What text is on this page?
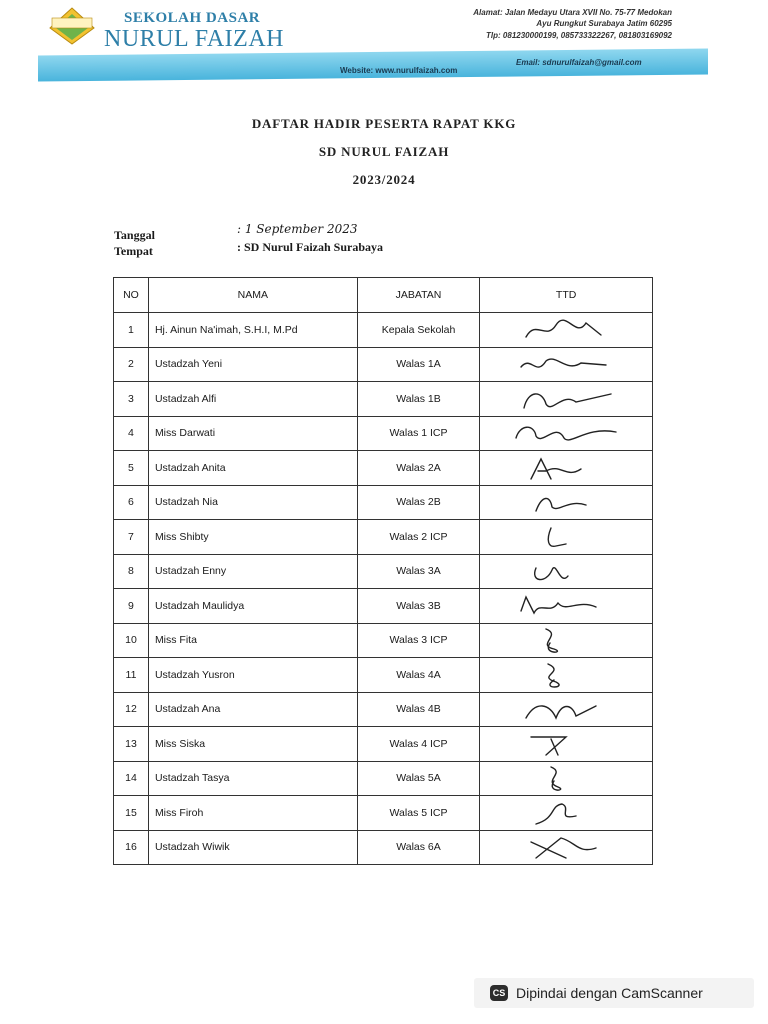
SEKOLAH DASAR
NURUL FAIZAH
Alamat: Jalan Medayu Utara XVII No. 75-77 Medokan
Ayu Rungkut Surabaya Jatim 60295
Tlp: 081230000199, 085733322267, 081803169092
Website: www.nurulfaizah.com
Email: sdnurulfaizah@gmail.com
DAFTAR HADIR PESERTA RAPAT KKG
SD NURUL FAIZAH
2023/2024
Tanggal	: 1 September 2023
Tempat	: SD Nurul Faizah Surabaya
NO	NAMA	JABATAN	TTD
1	Hj. Ainun Na'imah, S.H.I, M.Pd	Kepala Sekolah	

2	Ustadzah Yeni	Walas 1A	

3	Ustadzah Alfi	Walas 1B	

4	Miss Darwati	Walas 1 ICP	

5	Ustadzah Anita	Walas 2A	

6	Ustadzah Nia	Walas 2B	

7	Miss Shibty	Walas 2 ICP	

8	Ustadzah Enny	Walas 3A	

9	Ustadzah Maulidya	Walas 3B	

10	Miss Fita	Walas 3 ICP	

11	Ustadzah Yusron	Walas 4A	

12	Ustadzah Ana	Walas 4B	

13	Miss Siska	Walas 4 ICP	

14	Ustadzah Tasya	Walas 5A	

15	Miss Firoh	Walas 5 ICP	

16	Ustadzah Wiwik	Walas 6A	
CS Dipindai dengan CamScanner
